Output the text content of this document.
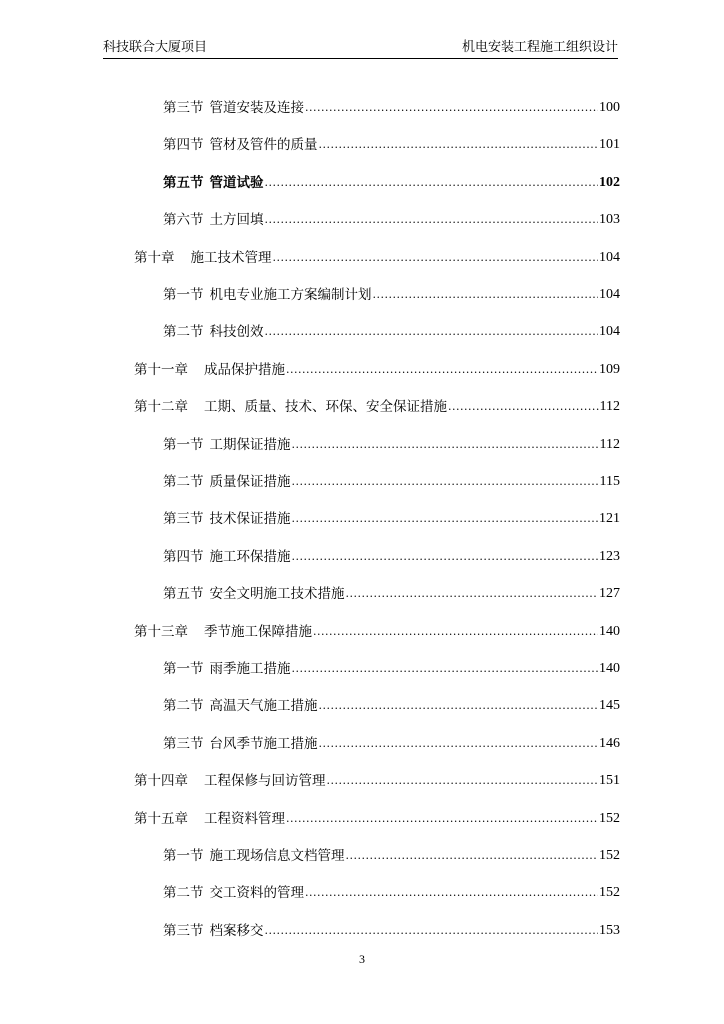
科技联合大厦项目	机电安装工程施工组织设计
第三节 管道安装及连接 .....	100
第四节 管材及管件的质量 .....	101
第五节 管道试验 .....	102
第六节 土方回填 .....	103
第十章 施工技术管理 .....	104
第一节 机电专业施工方案编制计划 .....	104
第二节 科技创效 .....	104
第十一章 成品保护措施 .....	109
第十二章 工期、质量、技术、环保、安全保证措施 .....	112
第一节 工期保证措施 .....	112
第二节 质量保证措施 .....	115
第三节 技术保证措施 .....	121
第四节 施工环保措施 .....	123
第五节 安全文明施工技术措施 .....	127
第十三章 季节施工保障措施 .....	140
第一节 雨季施工措施 .....	140
第二节 高温天气施工措施 .....	145
第三节 台风季节施工措施 .....	146
第十四章 工程保修与回访管理 .....	151
第十五章 工程资料管理 .....	152
第一节 施工现场信息文档管理 .....	152
第二节 交工资料的管理 .....	152
第三节 档案移交 .....	153
3
